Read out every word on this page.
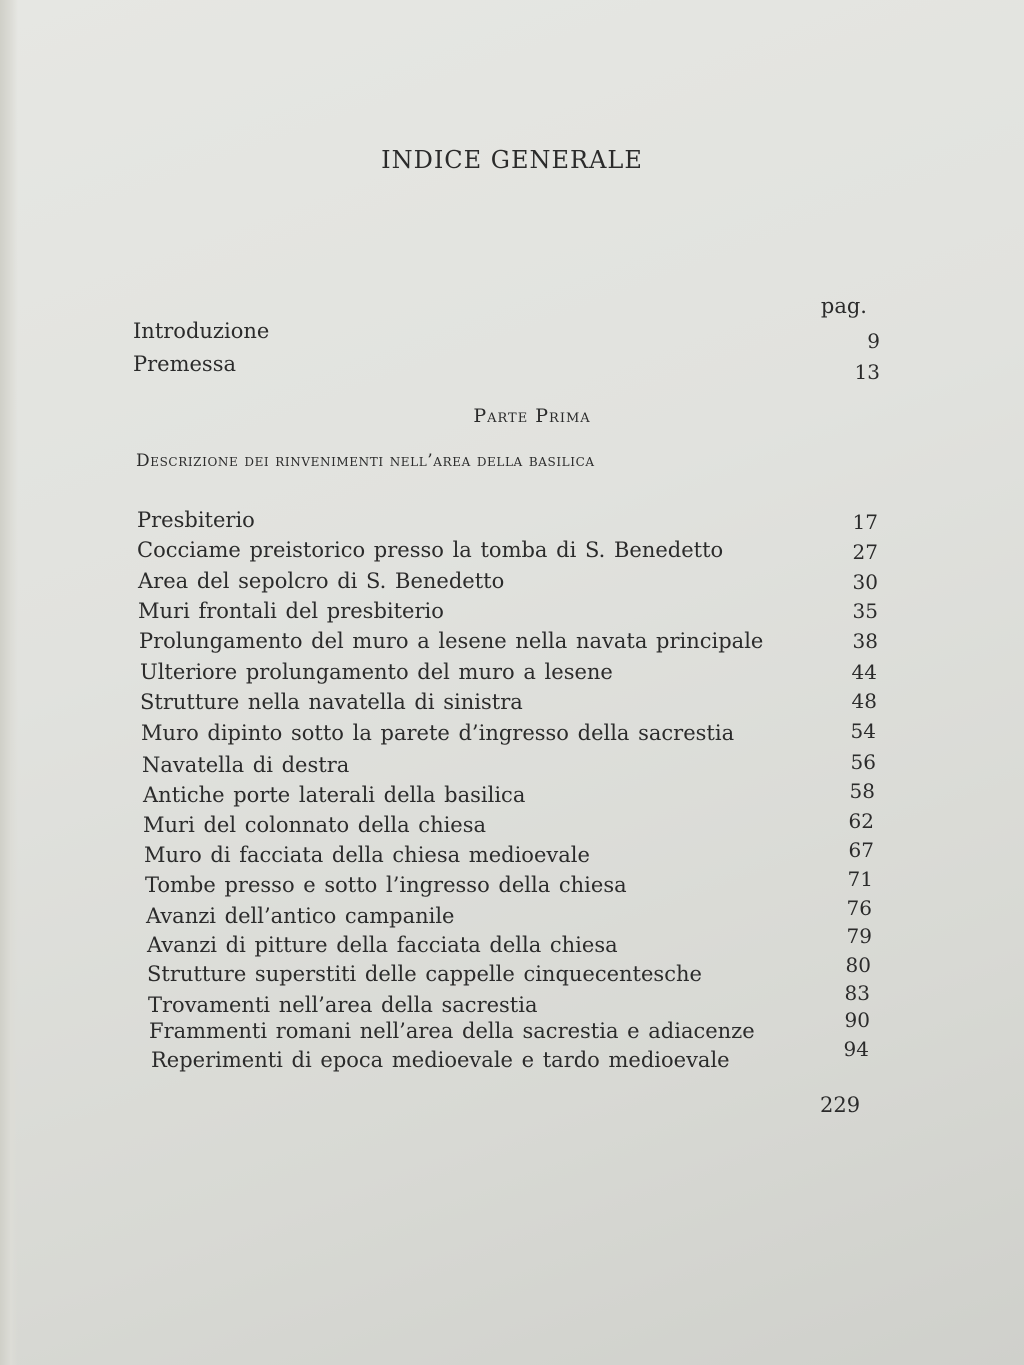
INDICE GENERALE
pag.
Introduzione	9
Premessa	13
Parte Prima
Descrizione dei rinvenimenti nell’area della basilica
Presbiterio	17
Cocciame preistorico presso la tomba di S. Benedetto	27
Area del sepolcro di S. Benedetto	30
Muri frontali del presbiterio	35
Prolungamento del muro a lesene nella navata principale	38
Ulteriore prolungamento del muro a lesene	44
Strutture nella navatella di sinistra	48
Muro dipinto sotto la parete d’ingresso della sacrestia	54
Navatella di destra	56
Antiche porte laterali della basilica	58
Muri del colonnato della chiesa	62
Muro di facciata della chiesa medioevale	67
Tombe presso e sotto l’ingresso della chiesa	71
Avanzi dell’antico campanile	76
Avanzi di pitture della facciata della chiesa	79
Strutture superstiti delle cappelle cinquecentesche	80
Trovamenti nell’area della sacrestia	83
Frammenti romani nell’area della sacrestia e adiacenze	90
Reperimenti di epoca medioevale e tardo medioevale	94
229
